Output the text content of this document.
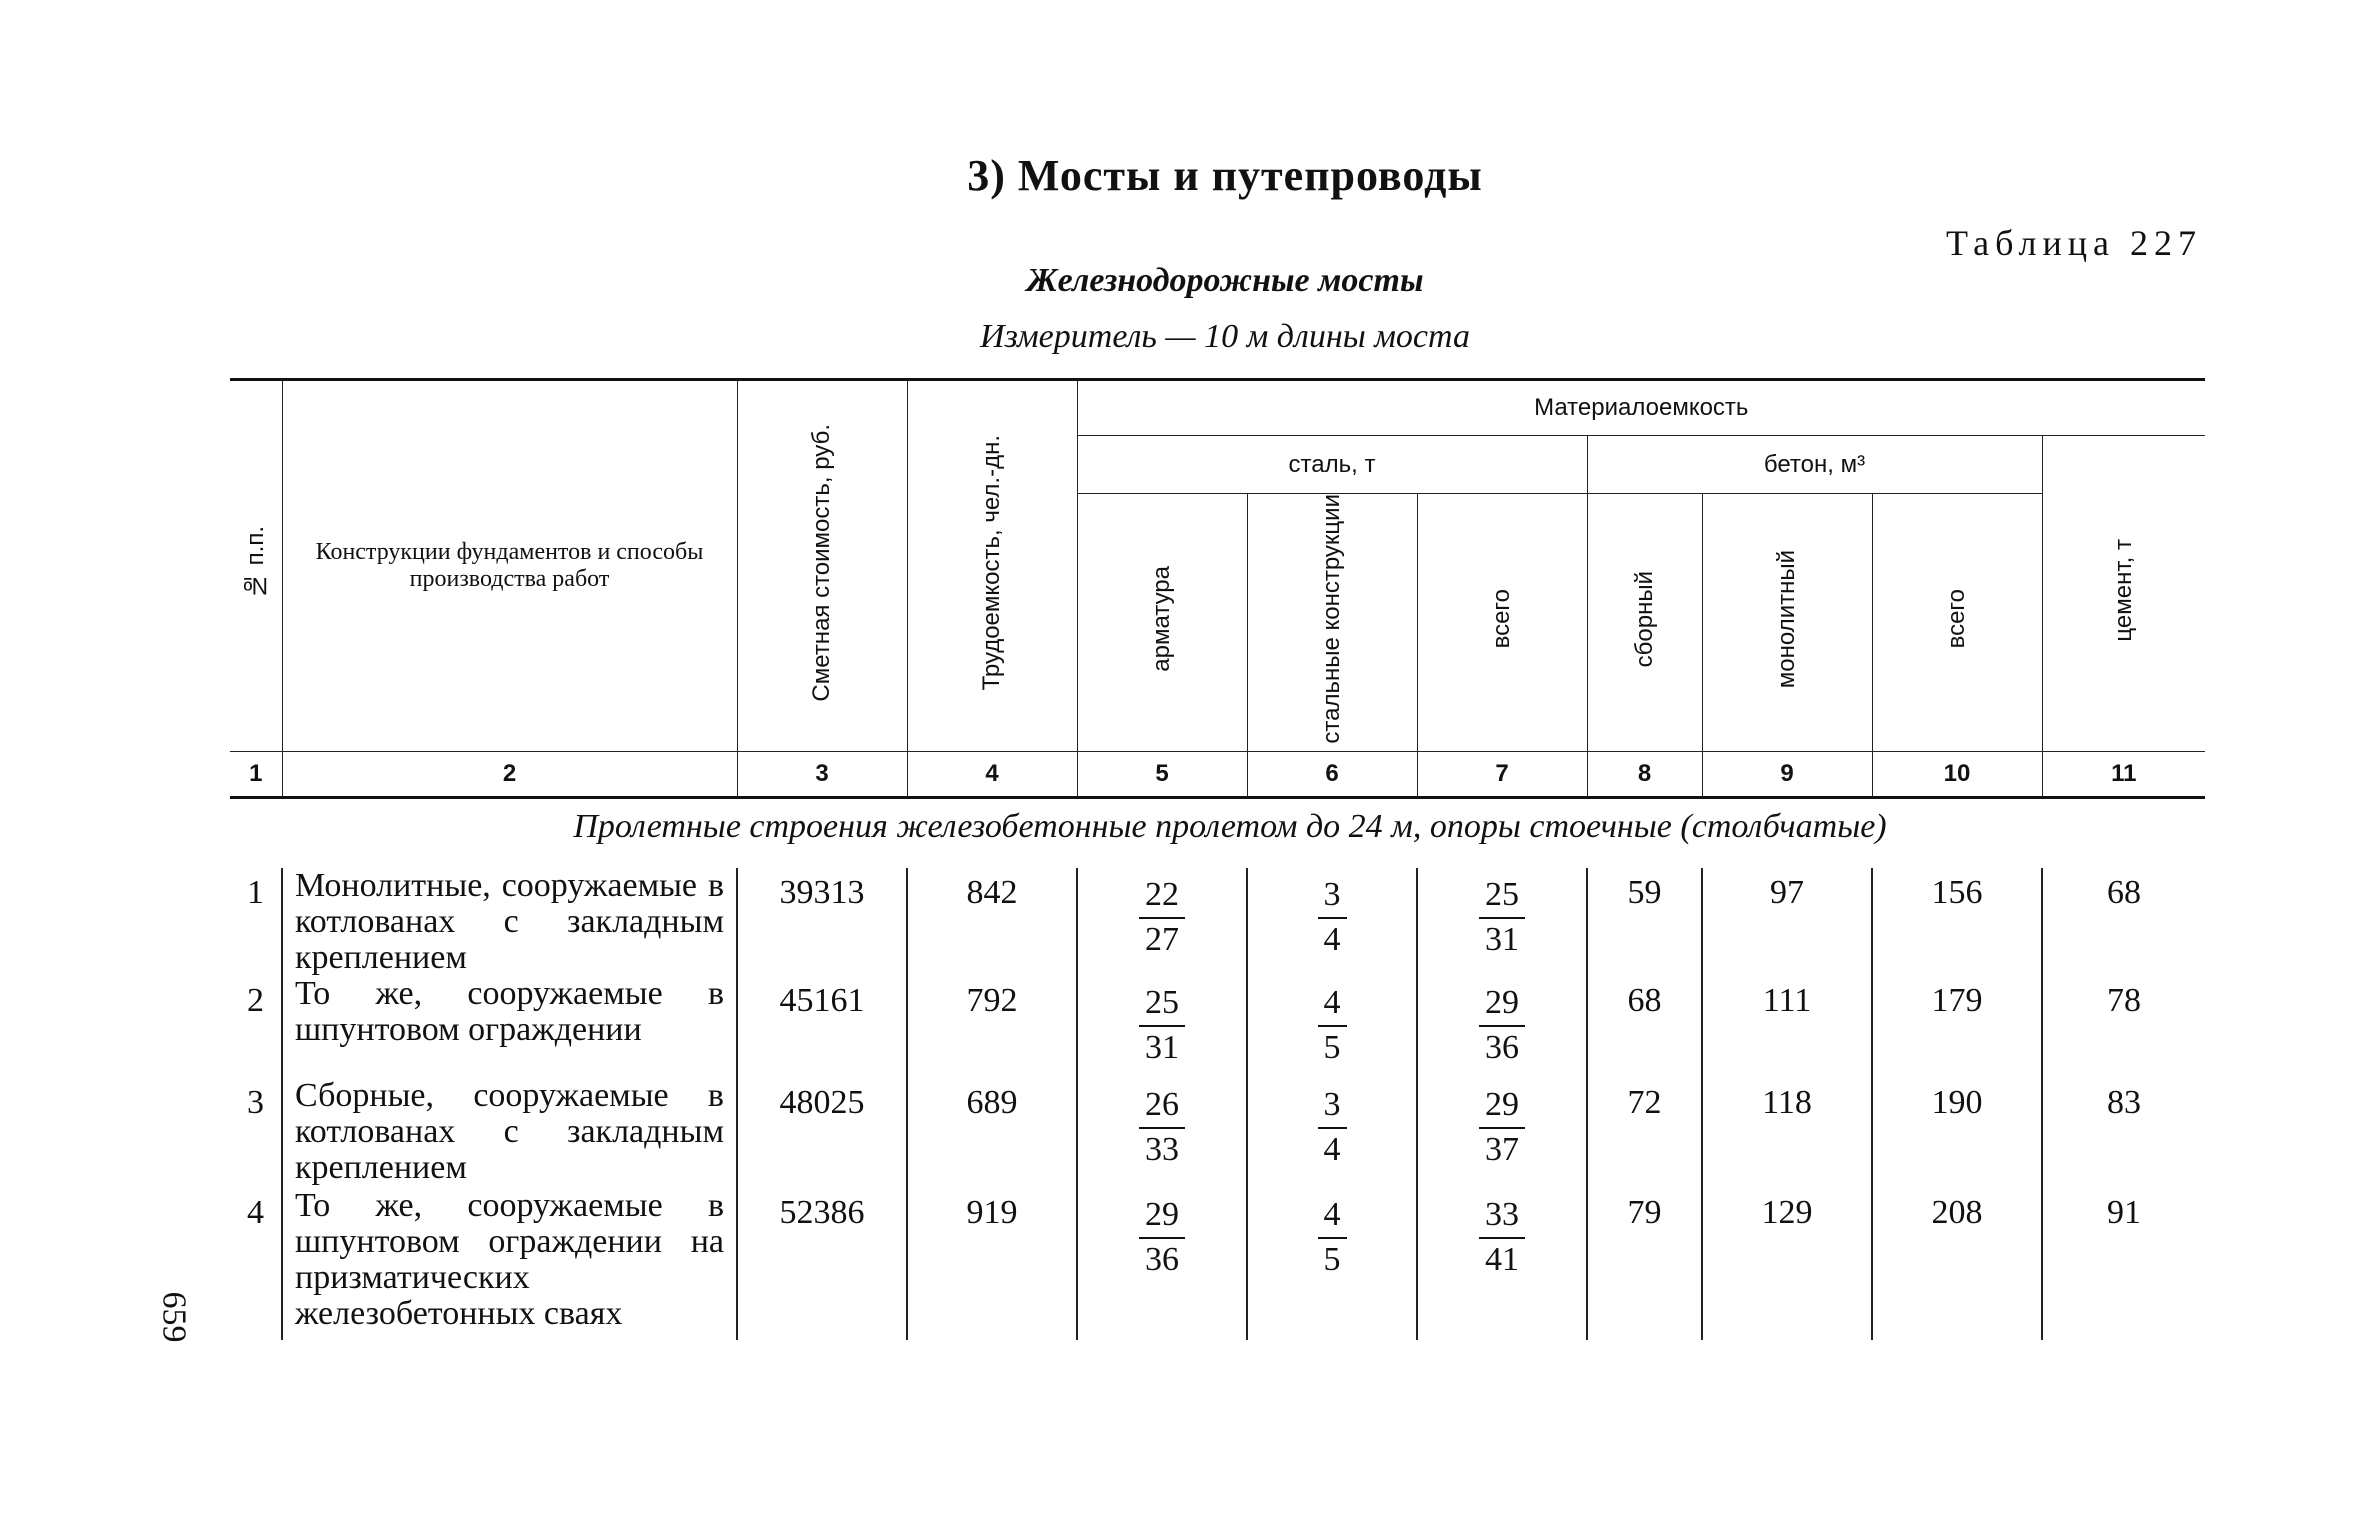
3) Мосты и путепроводы
Таблица 227
Железнодорожные мосты
Измеритель — 10 м длины моста
№ п.п.	Конструкции фундаментов и способы производства работ	Сметная стоимость, руб.	Трудоемкость, чел.-дн.	Материалоемкость						
				сталь, т			бетон, м³			цемент, т
				арматура	стальные конструкции	всего	сборный	монолитный	всего	
1	2	3	4	5	6	7	8	9	10	11
Пролетные строения железобетонные пролетом до 24 м, опоры стоечные (столбчатые)
1	Монолитные, сооружаемые в котлованах с закладным креплением	39313	842	$\frac{22}{27}$	$\frac{3}{4}$	$\frac{25}{31}$	59	97	156	68
2	То же, сооружаемые в шпунтовом ограждении	45161	792	$\frac{25}{31}$	$\frac{4}{5}$	$\frac{29}{36}$	68	111	179	78
3	Сборные, сооружаемые в котлованах с закладным креплением	48025	689	$\frac{26}{33}$	$\frac{3}{4}$	$\frac{29}{37}$	72	118	190	83
4	То же, сооружаемые в шпунтовом ограждении на призматических железобетонных сваях	52386	919	$\frac{29}{36}$	$\frac{4}{5}$	$\frac{33}{41}$	79	129	208	91
659
